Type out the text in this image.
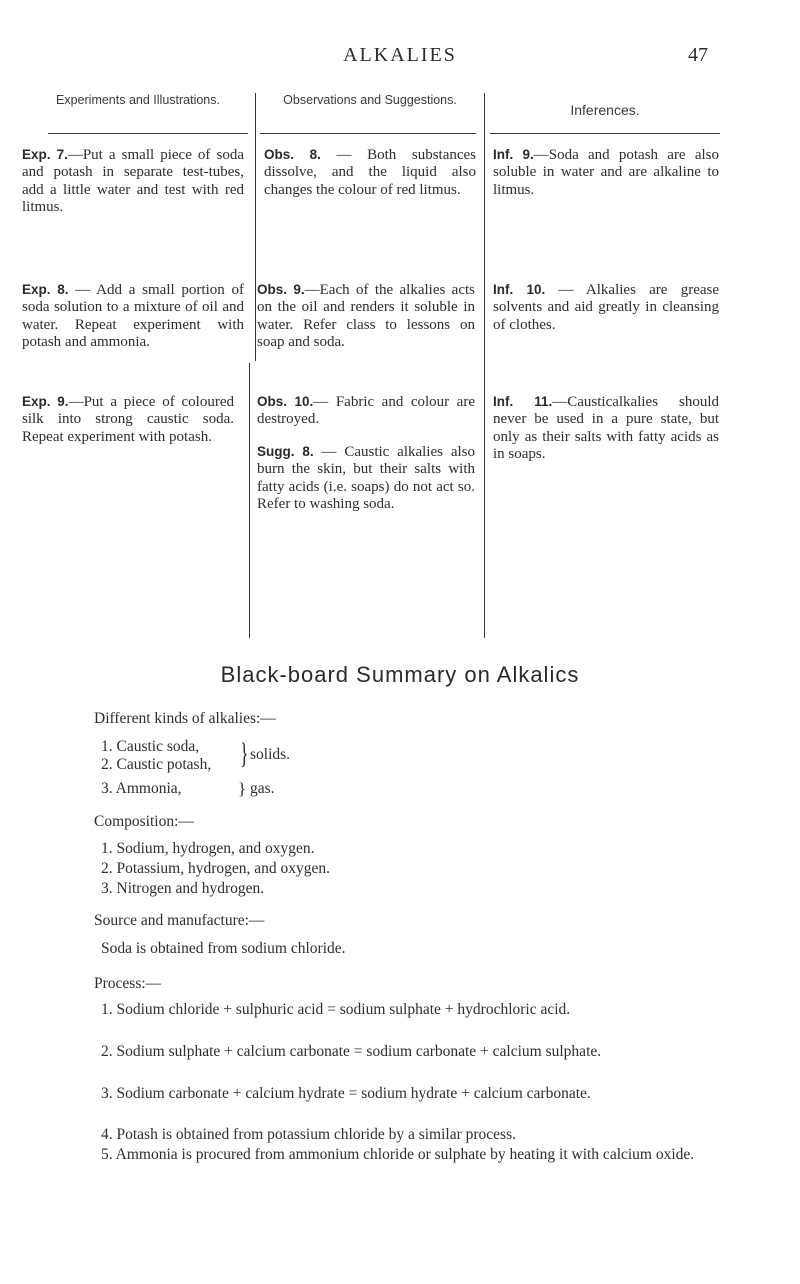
ALKALIES	47
Experiments and Illustrations.	Observations and Suggestions.
Inferences.
Exp. 7.—Put a small piece of soda and potash in separate test-tubes, add a little water and test with red litmus.
Obs. 8. — Both substances dissolve, and the liquid also changes the colour of red litmus.
Inf. 9.—Soda and potash are also soluble in water and are alkaline to litmus.
Exp. 8. — Add a small portion of soda solution to a mixture of oil and water. Repeat experiment with potash and ammonia.
Obs. 9.—Each of the alkalies acts on the oil and renders it soluble in water. Refer class to lessons on soap and soda.
Inf. 10. — Alkalies are grease solvents and aid greatly in cleansing of clothes.
Exp. 9.—Put a piece of coloured silk into strong caustic soda. Repeat experiment with potash.
Obs. 10.— Fabric and colour are destroyed.
Sugg. 8. — Caustic alkalies also burn the skin, but their salts with fatty acids (i.e. soaps) do not act so. Refer to washing soda.
Inf. 11.—Causticalkalies should never be used in a pure state, but only as their salts with fatty acids as in soaps.
Black-board Summary on Alkalics
Different kinds of alkalies:—
1. Caustic soda,
2. Caustic potash,
3. Ammonia,
} solids.
} gas.
Composition:—
1. Sodium, hydrogen, and oxygen.
2. Potassium, hydrogen, and oxygen.
3. Nitrogen and hydrogen.
Source and manufacture:—
Soda is obtained from sodium chloride.
Process:—
1. Sodium chloride + sulphuric acid = sodium sulphate + hydrochloric acid.
2. Sodium sulphate + calcium carbonate = sodium carbonate + calcium sulphate.
3. Sodium carbonate + calcium hydrate = sodium hydrate + calcium carbonate.
4. Potash is obtained from potassium chloride by a similar process.
5. Ammonia is procured from ammonium chloride or sulphate by heating it with calcium oxide.
